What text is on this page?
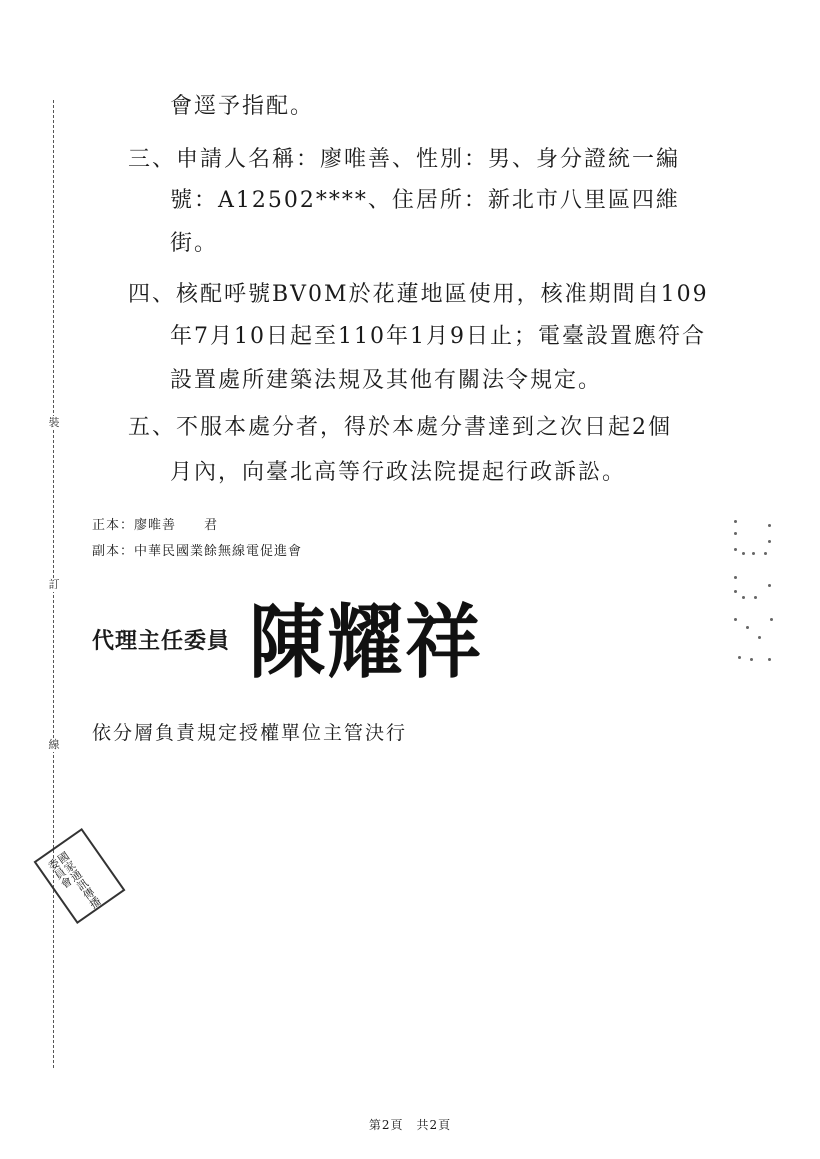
裝
訂
線
會逕予指配。
三、申請人名稱：廖唯善、性別：男、身分證統一編
號：A12502****、住居所：新北市八里區四維
街。
四、核配呼號BV0M於花蓮地區使用，核准期間自109
年7月10日起至110年1月9日止；電臺設置應符合
設置處所建築法規及其他有關法令規定。
五、不服本處分者，得於本處分書達到之次日起2個
月內，向臺北高等行政法院提起行政訴訟。
正本：廖唯善　　君
副本：中華民國業餘無線電促進會
代理主任委員 陳耀祥
依分層負責規定授權單位主管決行
國家通訊傳播委員會
第2頁　共2頁
